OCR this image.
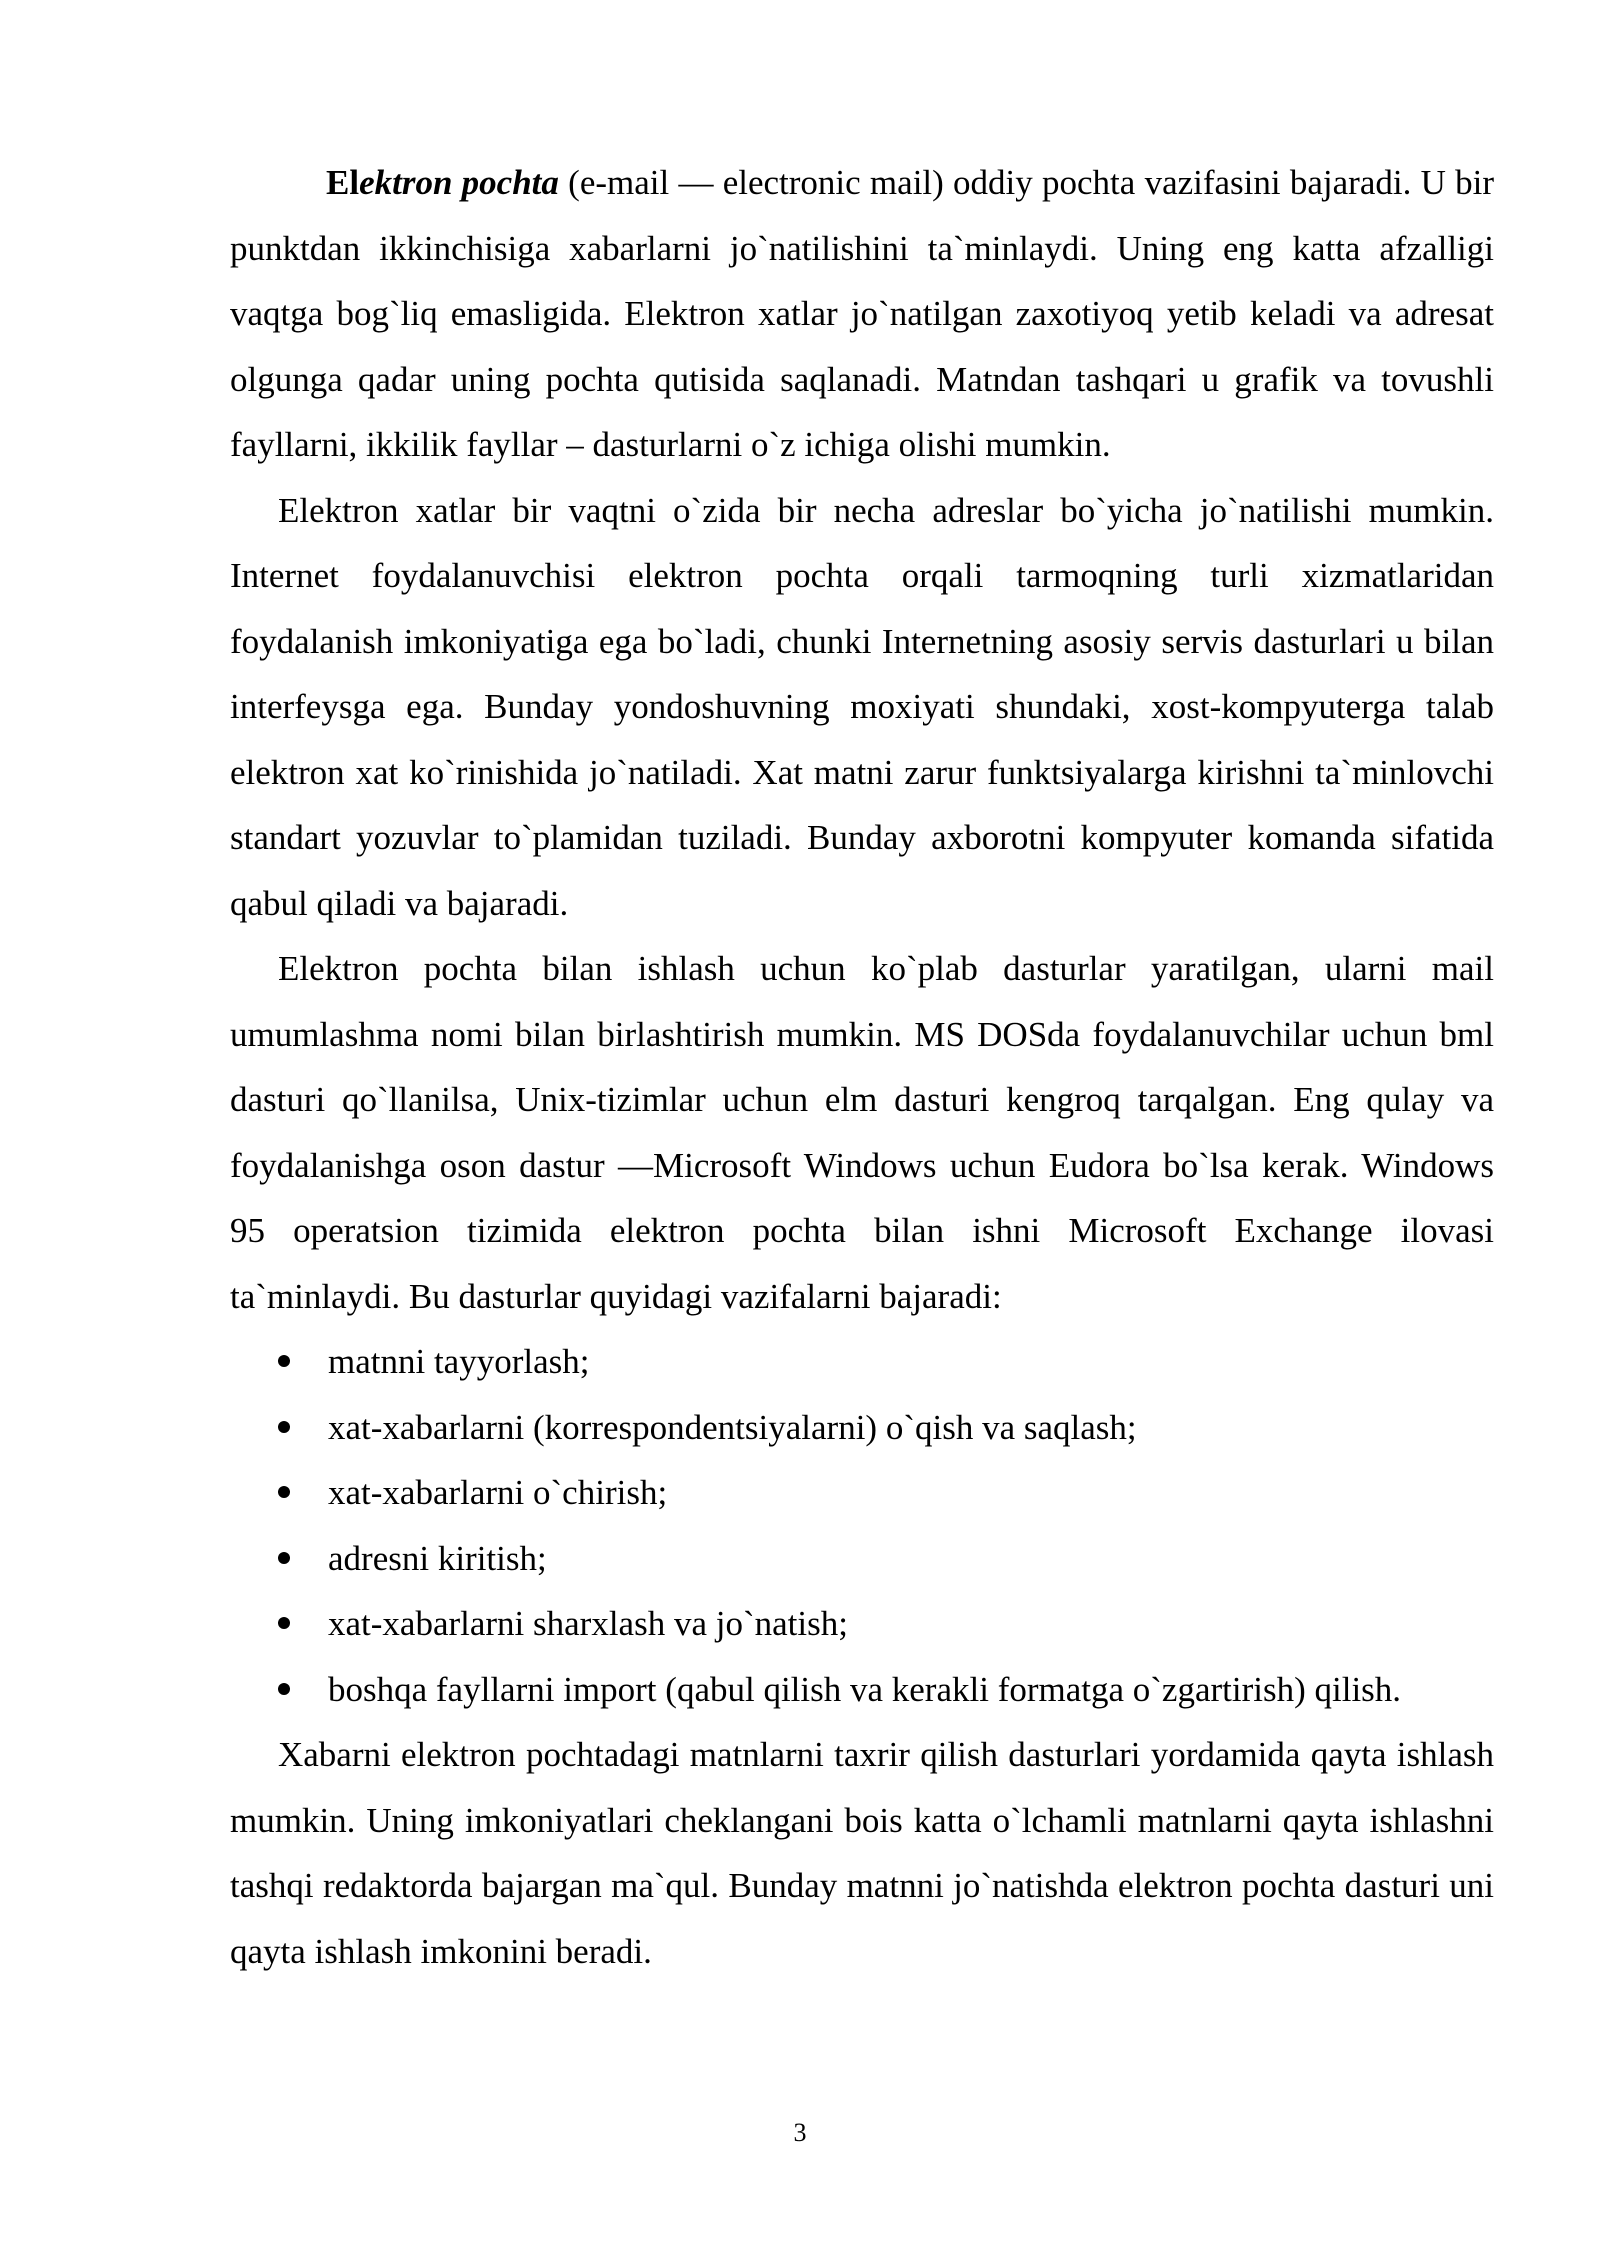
Elektron pochta (e-mail — electronic mail) oddiy pochta vazifasini bajaradi. U bir punktdan ikkinchisiga xabarlarni jo`natilishini ta`minlaydi. Uning eng katta afzalligi vaqtga bog`liq emasligida. Elektron xatlar jo`natilgan zaxotiyoq yetib keladi va adresat olgunga qadar uning pochta qutisida saqlanadi. Matndan tashqari u grafik va tovushli fayllarni, ikkilik fayllar – dasturlarni o`z ichiga olishi mumkin.

Elektron xatlar bir vaqtni o`zida bir necha adreslar bo`yicha jo`natilishi mumkin. Internet foydalanuvchisi elektron pochta orqali tarmoqning turli xizmatlaridan foydalanish imkoniyatiga ega bo`ladi, chunki Internetning asosiy servis dasturlari u bilan interfeysga ega. Bunday yondoshuvning moxiyati shundaki, xost-kompyuterga talab elektron xat ko`rinishida jo`natiladi. Xat matni zarur funktsiyalarga kirishni ta`minlovchi standart yozuvlar to`plamidan tuziladi. Bunday axborotni kompyuter komanda sifatida qabul qiladi va bajaradi.

Elektron pochta bilan ishlash uchun ko`plab dasturlar yaratilgan, ularni mail umumlashma nomi bilan birlashtirish mumkin. MS DOSda foydalanuvchilar uchun bml dasturi qo`llanilsa, Unix-tizimlar uchun elm dasturi kengroq tarqalgan. Eng qulay va foydalanishga oson dastur —Microsoft Windows uchun Eudora bo`lsa kerak. Windows 95 operatsion tizimida elektron pochta bilan ishni Microsoft Exchange ilovasi ta`minlaydi. Bu dasturlar quyidagi vazifalarni bajaradi:

matnni tayyorlash;
xat-xabarlarni (korrespondentsiyalarni) o`qish va saqlash;
xat-xabarlarni o`chirish;
adresni kiritish;
xat-xabarlarni sharxlash va jo`natish;
boshqa fayllarni import (qabul qilish va kerakli formatga o`zgartirish) qilish.

Xabarni elektron pochtadagi matnlarni taxrir qilish dasturlari yordamida qayta ishlash mumkin. Uning imkoniyatlari cheklangani bois katta o`lchamli matnlarni qayta ishlashni tashqi redaktorda bajargan ma`qul. Bunday matnni jo`natishda elektron pochta dasturi uni qayta ishlash imkonini beradi.

3
